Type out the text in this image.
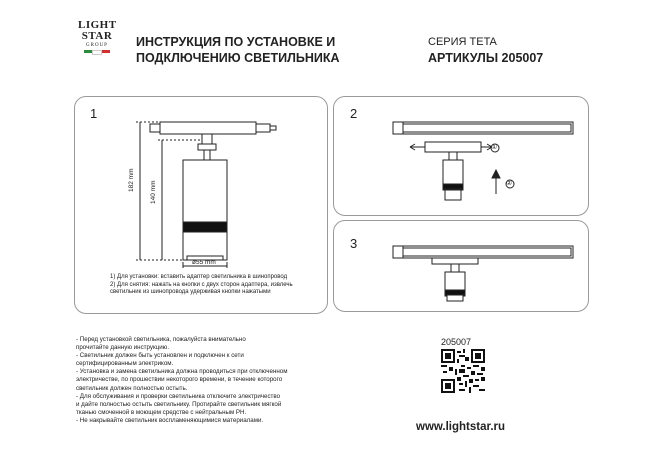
LIGHT
STAR
GROUP	ИНСТРУКЦИЯ ПО УСТАНОВКЕ И
ПОДКЛЮЧЕНИЮ СВЕТИЛЬНИКА
СЕРИЯ TETA
АРТИКУЛЫ 205007
1	2
3
182 mm
140 mm
ø55 mm
①
②
1) Для установки: вставить адаптер светильника в шинопровод
2) Для снятия: нажать на кнопки с двух сторон адаптера, извлечь
светильник из шинопровода удерживая кнопки нажатыми
- Перед установкой светильника, пожалуйста внимательно
прочитайте данную инструкцию.
- Светильник должен быть установлен и подключен к сети
сертифицированным электриком.
- Установка и замена светильника должна проводиться при отключенном
электричестве, по прошествии некоторого времени, в течение которого
светильник должен полностью остыть.
- Для обслуживания и проверки светильника отключите электричество
и дайте полностью остыть светильнику. Протирайте светильник мягкой
тканью смоченной в моющем средстве с нейтральным PH.
- Не накрывайте светильник воспламеняющимися материалами.
205007
www.lightstar.ru
